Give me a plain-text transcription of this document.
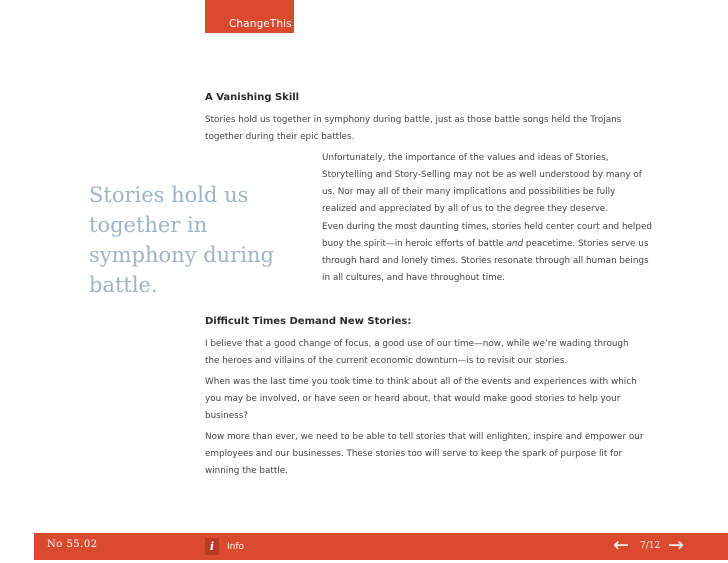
ChangeThis
A Vanishing Skill

Stories hold us together in symphony during battle, just as those battle songs held the Trojans together during their epic battles.

Stories hold us together in symphony during battle.

Unfortunately, the importance of the values and ideas of Stories, Storytelling and Story-Selling may not be as well understood by many of us. Nor may all of their many implications and possibilities be fully realized and appreciated by all of us to the degree they deserve.

Even during the most daunting times, stories held center court and helped buoy the spirit—in heroic efforts of battle and peacetime. Stories serve us through hard and lonely times. Stories resonate through all human beings in all cultures, and have throughout time.

Difficult Times Demand New Stories:

I believe that a good change of focus, a good use of our time—now, while we’re wading through the heroes and villains of the current economic downturn—is to revisit our stories.

When was the last time you took time to think about all of the events and experiences with which you may be involved, or have seen or heard about, that would make good stories to help your business?

Now more than ever, we need to be able to tell stories that will enlighten, inspire and empower our employees and our businesses. These stories too will serve to keep the spark of purpose lit for winning the battle.

No 55.02	i	Info	← 7/12 →
